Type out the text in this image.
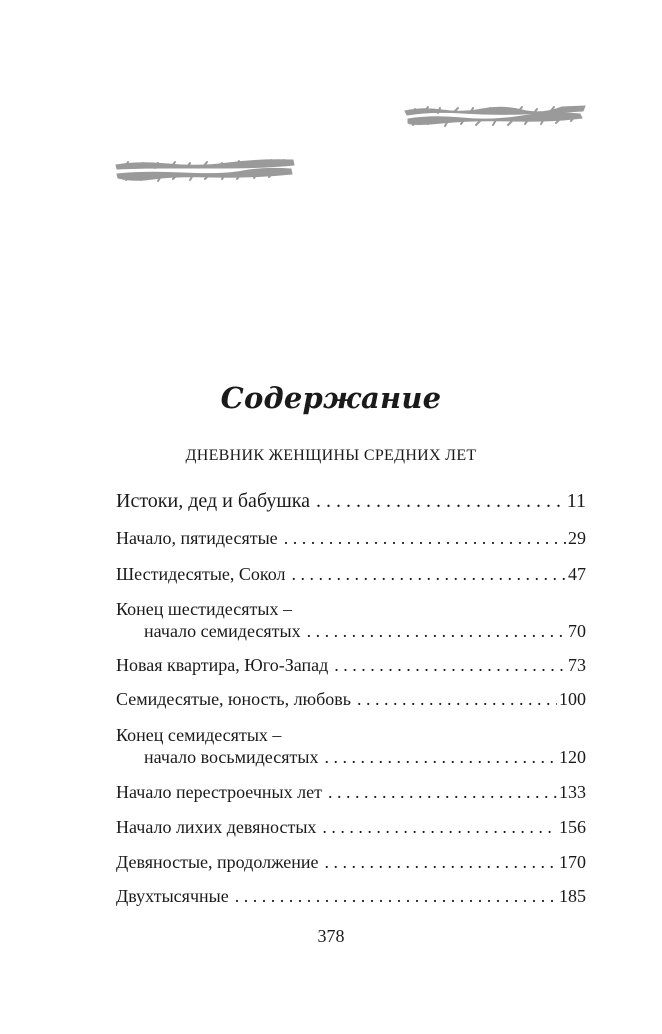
Содержание
ДНЕВНИК ЖЕНЩИНЫ СРЕДНИХ ЛЕТ
Истоки, дед и бабушка . . .	11
Начало, пятидесятые . . .	29
Шестидесятые, Сокол . . .	47
Конец шестидесятых –
начало семидесятых . . .	70
Новая квартира, Юго-Запад . . .	73
Семидесятые, юность, любовь . . .	100
Конец семидесятых –
начало восьмидесятых . . .	120
Начало перестроечных лет . . .	133
Начало лихих девяностых . . .	156
Девяностые, продолжение . . .	170
Двухтысячные . . .	185
378
